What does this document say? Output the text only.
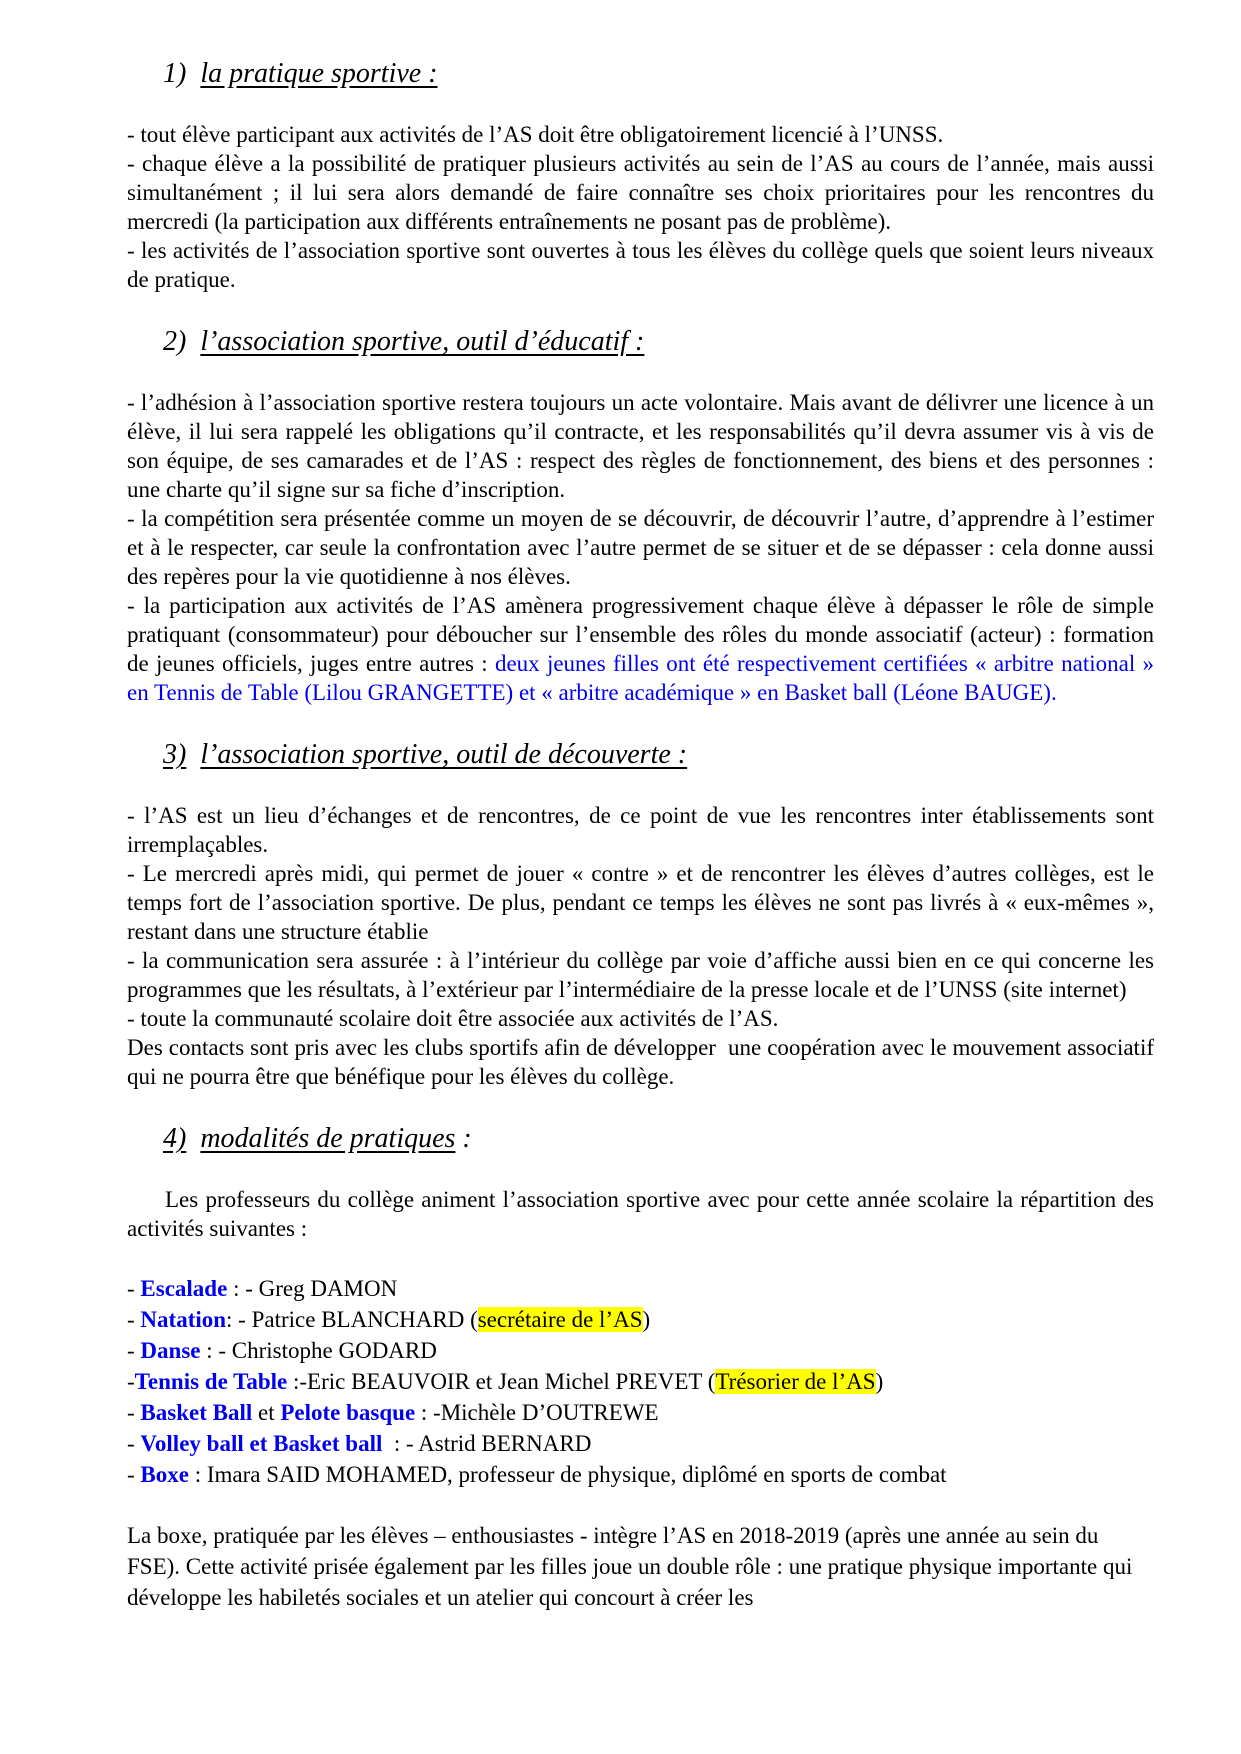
1) la pratique sportive :

- tout élève participant aux activités de l’AS doit être obligatoirement licencié à l’UNSS.

- chaque élève a la possibilité de pratiquer plusieurs activités au sein de l’AS au cours de l’année, mais aussi simultanément ; il lui sera alors demandé de faire connaître ses choix prioritaires pour les rencontres du mercredi (la participation aux différents entraînements ne posant pas de problème).

- les activités de l’association sportive sont ouvertes à tous les élèves du collège quels que soient leurs niveaux de pratique.

2) l’association sportive, outil d’éducatif :

- l’adhésion à l’association sportive restera toujours un acte volontaire. Mais avant de délivrer une licence à un élève, il lui sera rappelé les obligations qu’il contracte, et les responsabilités qu’il devra assumer vis à vis de son équipe, de ses camarades et de l’AS : respect des règles de fonctionnement, des biens et des personnes : une charte qu’il signe sur sa fiche d’inscription.

- la compétition sera présentée comme un moyen de se découvrir, de découvrir l’autre, d’apprendre à l’estimer et à le respecter, car seule la confrontation avec l’autre permet de se situer et de se dépasser : cela donne aussi des repères pour la vie quotidienne à nos élèves.

- la participation aux activités de l’AS amènera progressivement chaque élève à dépasser le rôle de simple pratiquant (consommateur) pour déboucher sur l’ensemble des rôles du monde associatif (acteur) : formation de jeunes officiels, juges entre autres : deux jeunes filles ont été respectivement certifiées « arbitre national » en Tennis de Table (Lilou GRANGETTE) et « arbitre académique » en Basket ball (Léone BAUGE).

3) l’association sportive, outil de découverte :

- l’AS est un lieu d’échanges et de rencontres, de ce point de vue les rencontres inter établissements sont irremplaçables.

- Le mercredi après midi, qui permet de jouer « contre » et de rencontrer les élèves d’autres collèges, est le temps fort de l’association sportive. De plus, pendant ce temps les élèves ne sont pas livrés à « eux-mêmes », restant dans une structure établie

- la communication sera assurée : à l’intérieur du collège par voie d’affiche aussi bien en ce qui concerne les programmes que les résultats, à l’extérieur par l’intermédiaire de la presse locale et de l’UNSS (site internet)

- toute la communauté scolaire doit être associée aux activités de l’AS.

Des contacts sont pris avec les clubs sportifs afin de développer  une coopération avec le mouvement associatif qui ne pourra être que bénéfique pour les élèves du collège.

4) modalités de pratiques :

Les professeurs du collège animent l’association sportive avec pour cette année scolaire la répartition des activités suivantes :

- Escalade : - Greg DAMON

- Natation: - Patrice BLANCHARD (secrétaire de l’AS)

- Danse : - Christophe GODARD

-Tennis de Table :-Eric BEAUVOIR et Jean Michel PREVET (Trésorier de l’AS)

- Basket Ball et Pelote basque : -Michèle D’OUTREWE

- Volley ball et Basket ball  : - Astrid BERNARD

- Boxe : Imara SAID MOHAMED, professeur de physique, diplômé en sports de combat

La boxe, pratiquée par les élèves – enthousiastes - intègre l’AS en 2018-2019 (après une année au sein du FSE). Cette activité prisée également par les filles joue un double rôle : une pratique physique importante qui développe les habiletés sociales et un atelier qui concourt à créer les
